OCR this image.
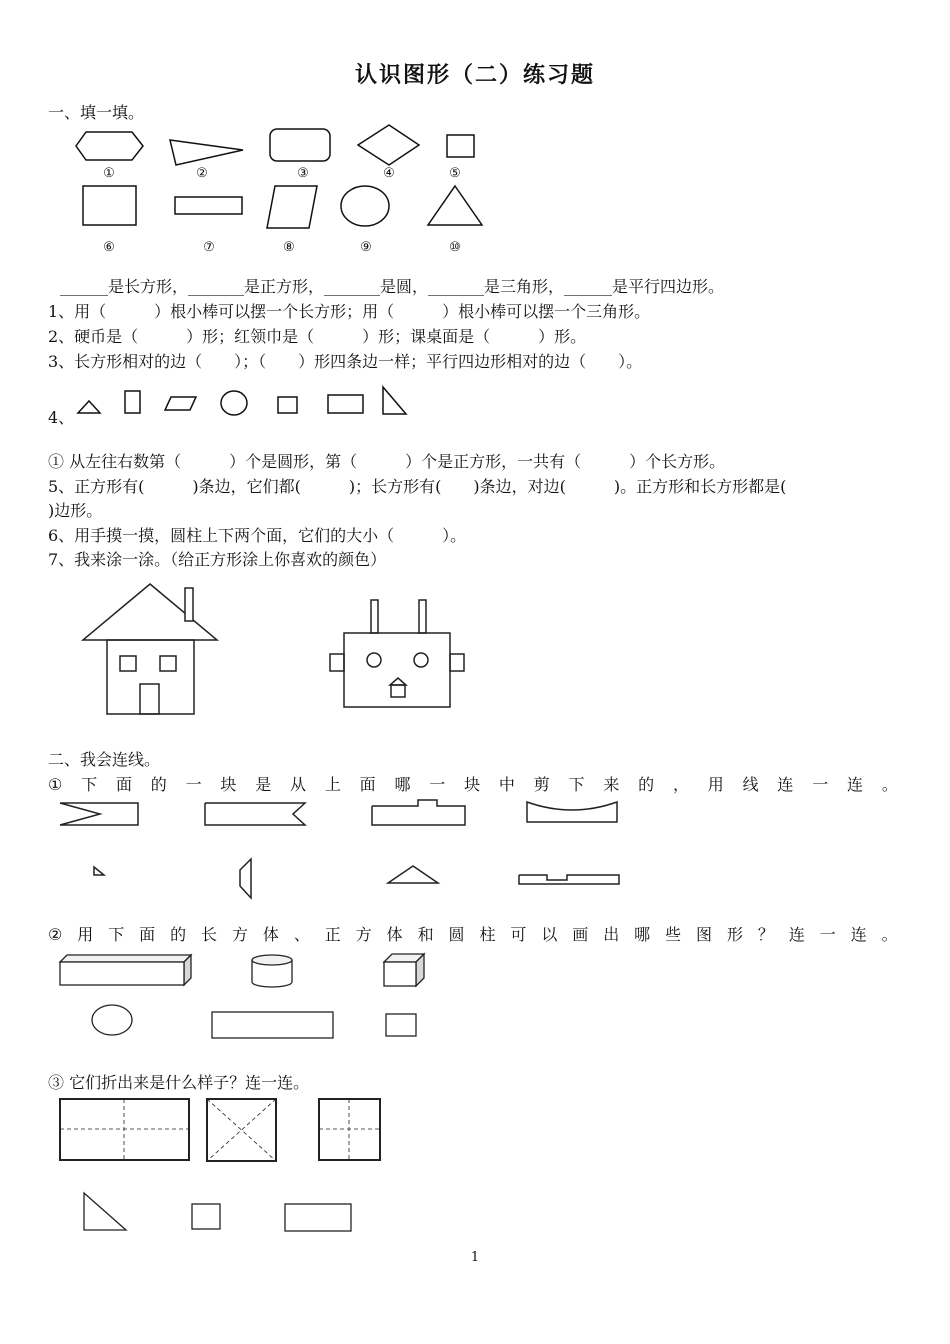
认识图形（二）练习题
一、填一填。
①	②	③	④	⑤
⑥	⑦	⑧	⑨	⑩
______是长方形，_______是正方形，_______是圆，_______是三角形，______是平行四边形。
1、用（　　　）根小棒可以摆一个长方形；用（　　　）根小棒可以摆一个三角形。
2、硬币是（　　　）形；红领巾是（　　　）形；课桌面是（　　　）形。
3、长方形相对的边（　　）；（　　）形四条边一样；平行四边形相对的边（　　）。
4、
① 从左往右数第（　　　）个是圆形，第（　　　）个是正方形，一共有（　　　）个长方形。
5、正方形有(　　　)条边，它们都(　　　)；长方形有(　　)条边，对边(　　　)。正方形和长方形都是(
)边形。
6、用手摸一摸，圆柱上下两个面，它们的大小（　　　）。
7、我来涂一涂。（给正方形涂上你喜欢的颜色）
二、我会连线。
① 下 面 的 一 块 是 从 上 面 哪 一 块 中 剪 下 来 的 ， 用 线 连 一 连 。
② 用 下 面 的 长 方 体 、 正 方 体 和 圆 柱 可 以 画 出 哪 些 图 形 ？ 连 一 连 。
③ 它们折出来是什么样子？连一连。
1
